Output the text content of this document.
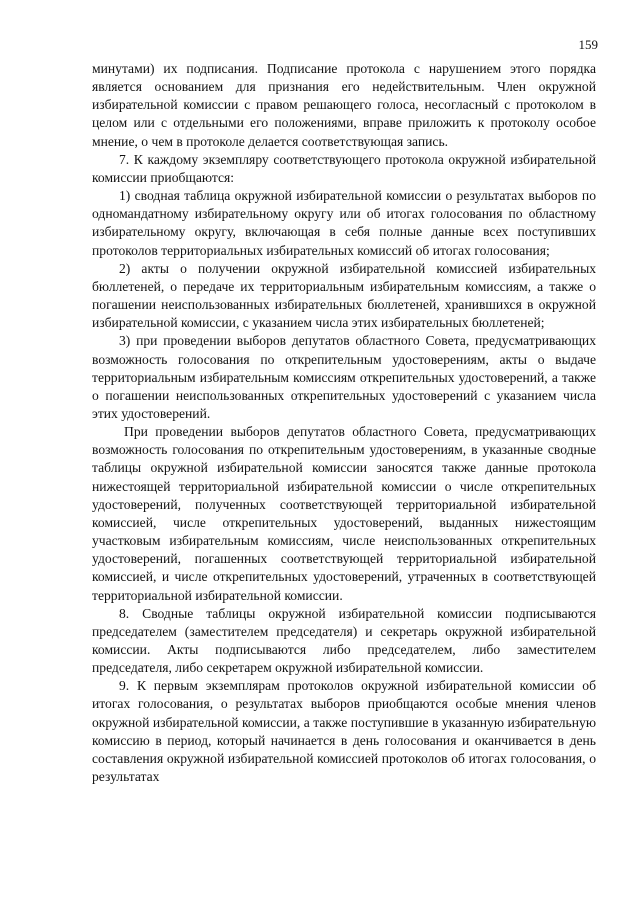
159

минутами) их подписания. Подписание протокола с нарушением этого порядка является основанием для признания его недействительным. Член окружной избирательной комиссии с правом решающего голоса, несогласный с протоколом в целом или с отдельными его положениями, вправе приложить к протоколу особое мнение, о чем в протоколе делается соответствующая запись.

7. К каждому экземпляру соответствующего протокола окружной избирательной комиссии приобщаются:

1) сводная таблица окружной избирательной комиссии о результатах выборов по одномандатному избирательному округу или об итогах голосования по областному избирательному округу, включающая в себя полные данные всех поступивших протоколов территориальных избирательных комиссий об итогах голосования;

2) акты о получении окружной избирательной комиссией избирательных бюллетеней, о передаче их территориальным избирательным комиссиям, а также о погашении неиспользованных избирательных бюллетеней, хранившихся в окружной избирательной комиссии, с указанием числа этих избирательных бюллетеней;

3) при проведении выборов депутатов областного Совета, предусматривающих возможность голосования по открепительным удостоверениям, акты о выдаче территориальным избирательным комиссиям открепительных удостоверений, а также о погашении неиспользованных открепительных удостоверений с указанием числа этих удостоверений.

При проведении выборов депутатов областного Совета, предусматривающих возможность голосования по открепительным удостоверениям, в указанные сводные таблицы окружной избирательной комиссии заносятся также данные протокола нижестоящей территориальной избирательной комиссии о числе открепительных удостоверений, полученных соответствующей территориальной избирательной комиссией, числе открепительных удостоверений, выданных нижестоящим участковым избирательным комиссиям, числе неиспользованных открепительных удостоверений, погашенных соответствующей территориальной избирательной комиссией, и числе открепительных удостоверений, утраченных в соответствующей территориальной избирательной комиссии.

8. Сводные таблицы окружной избирательной комиссии подписываются председателем (заместителем председателя) и секретарь окружной избирательной комиссии. Акты подписываются либо председателем, либо заместителем председателя, либо секретарем окружной избирательной комиссии.

9. К первым экземплярам протоколов окружной избирательной комиссии об итогах голосования, о результатах выборов приобщаются особые мнения членов окружной избирательной комиссии, а также поступившие в указанную избирательную комиссию в период, который начинается в день голосования и оканчивается в день составления окружной избирательной комиссией протоколов об итогах голосования, о результатах
